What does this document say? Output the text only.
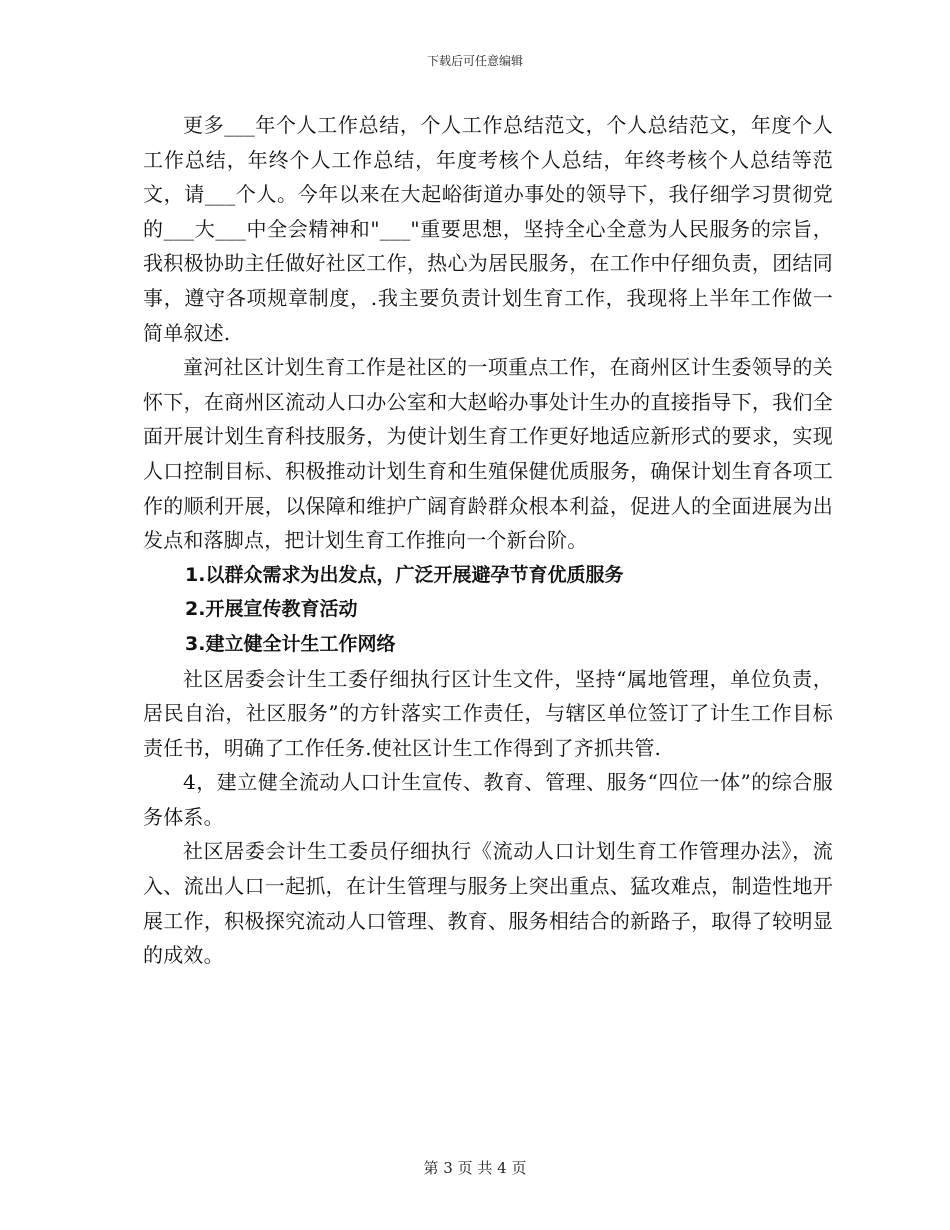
下载后可任意编辑

更多___年个人工作总结，个人工作总结范文，个人总结范文，年度个人工作总结，年终个人工作总结，年度考核个人总结，年终考核个人总结等范文，请___个人。今年以来在大起峪街道办事处的领导下，我仔细学习贯彻党的___大___中全会精神和"___"重要思想，坚持全心全意为人民服务的宗旨，我积极协助主任做好社区工作，热心为居民服务，在工作中仔细负责，团结同事，遵守各项规章制度，.我主要负责计划生育工作，我现将上半年工作做一简单叙述.

童河社区计划生育工作是社区的一项重点工作，在商州区计生委领导的关怀下，在商州区流动人口办公室和大赵峪办事处计生办的直接指导下，我们全面开展计划生育科技服务，为使计划生育工作更好地适应新形式的要求，实现人口控制目标、积极推动计划生育和生殖保健优质服务，确保计划生育各项工作的顺利开展，以保障和维护广阔育龄群众根本利益，促进人的全面进展为出发点和落脚点，把计划生育工作推向一个新台阶。

1.以群众需求为出发点，广泛开展避孕节育优质服务

2.开展宣传教育活动

3.建立健全计生工作网络

社区居委会计生工委仔细执行区计生文件，坚持“属地管理，单位负责，居民自治，社区服务”的方针落实工作责任，与辖区单位签订了计生工作目标责任书，明确了工作任务.使社区计生工作得到了齐抓共管.

4，建立健全流动人口计生宣传、教育、管理、服务“四位一体”的综合服务体系。

社区居委会计生工委员仔细执行《流动人口计划生育工作管理办法》，流入、流出人口一起抓，在计生管理与服务上突出重点、猛攻难点，制造性地开展工作，积极探究流动人口管理、教育、服务相结合的新路子，取得了较明显的成效。

第 3 页 共 4 页
